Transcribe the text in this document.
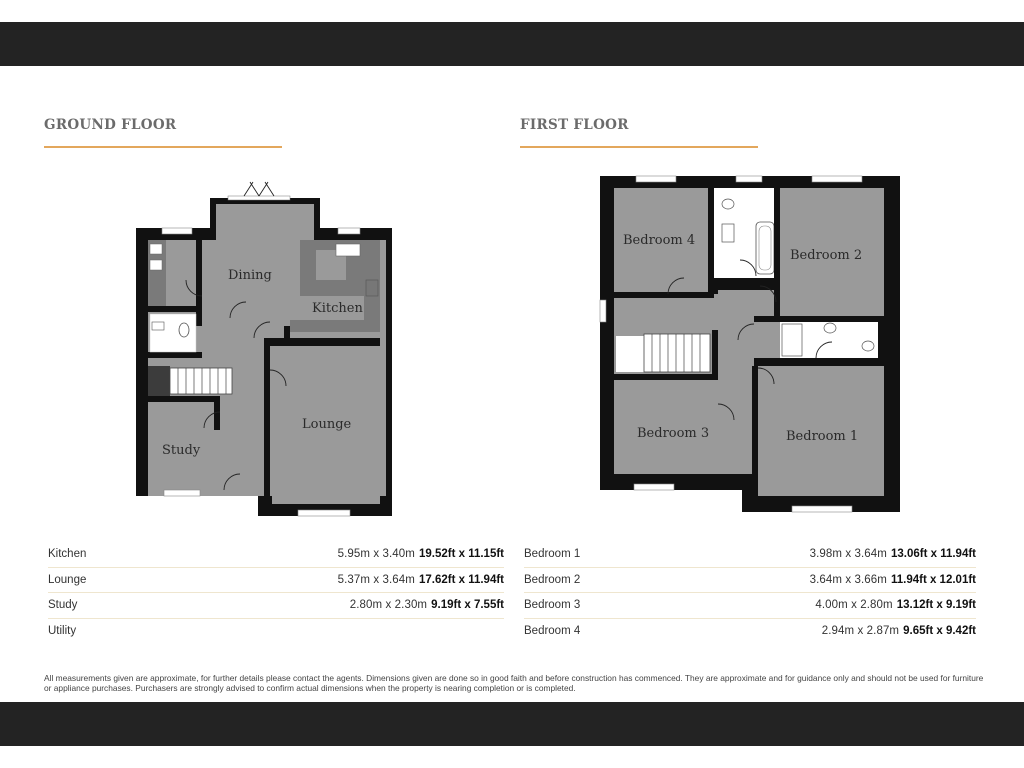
GROUND FLOOR	FIRST FLOOR
Dining
Kitchen
Lounge
Study
Bedroom 4
Bedroom 2
Bedroom 3	Bedroom 1
Kitchen	5.95m x 3.40m 19.52ft x 11.15ft
Lounge	5.37m x 3.64m 17.62ft x 11.94ft
Study	2.80m x 2.30m 9.19ft x 7.55ft
Utility
Bedroom 1	3.98m x 3.64m 13.06ft x 11.94ft
Bedroom 2	3.64m x 3.66m 11.94ft x 12.01ft
Bedroom 3	4.00m x 2.80m 13.12ft x 9.19ft
Bedroom 4	2.94m x 2.87m 9.65ft x 9.42ft
All measurements given are approximate, for further details please contact the agents. Dimensions given are done so in good faith and before construction has commenced. They are approximate and for guidance only and should not be used for furniture or appliance purchases. Purchasers are strongly advised to confirm actual dimensions when the property is nearing completion or is completed.
